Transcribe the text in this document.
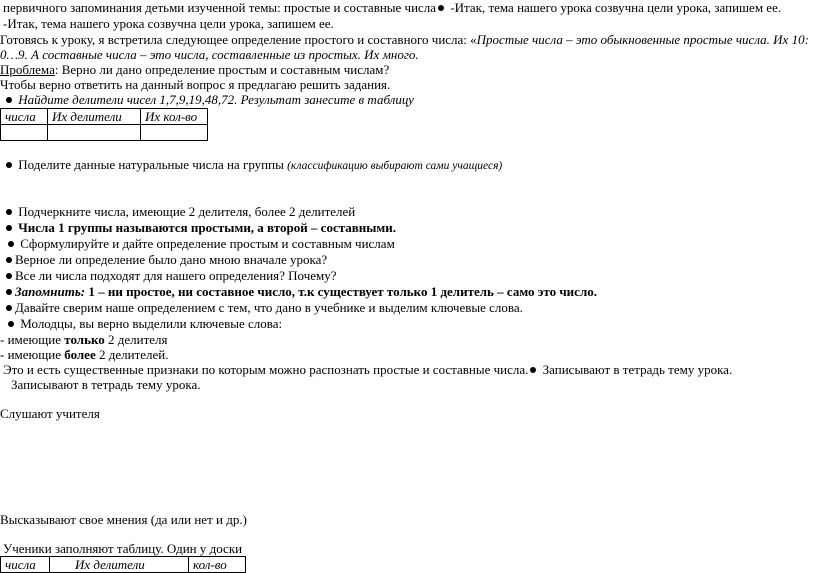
первичного запоминания детьми изученной темы: простые и составные числа -Итак, тема нашего урока созвучна цели урока, запишем ее.
-Итак, тема нашего урока созвучна цели урока, запишем ее.
Готовясь к уроку, я встретила следующее определение простого и составного числа: «Простые числа – это обыкновенные простые числа. Их 10:
0…9. А составные числа – это числа, составленные из простых. Их много.
Проблема: Верно ли дано определение простым и составным числам?
Чтобы верно ответить на данный вопрос я предлагаю решить задания.
Найдите делители чисел 1,7,9,19,48,72. Результат занесите в таблицу
числа	Их делители	Их кол-во

Поделите данные натуральные числа на группы (классификацию выбирают сами учащиеся)
Подчеркните числа, имеющие 2 делителя, более 2 делителей
Числа 1 группы называются простыми, а второй – составными.
Сформулируйте и дайте определение простым и составным числам
Верное ли определение было дано мною вначале урока?
Все ли числа подходят для нашего определения? Почему?
Запомнить: 1 – ни простое, ни составное число, т.к существует только 1 делитель – само это число.
Давайте сверим наше определением с тем, что дано в учебнике и выделим ключевые слова.
Молодцы, вы верно выделили ключевые слова:
- имеющие только 2 делителя
- имеющие более 2 делителей.
Это и есть существенные признаки по которым можно распознать простые и составные числа. Записывают в тетрадь тему урока.
Записывают в тетрадь тему урока.
Слушают учителя
Высказывают свое мнения (да или нет и др.)
Ученики заполняют таблицу. Один у доски
числа	Их делители	кол-во
